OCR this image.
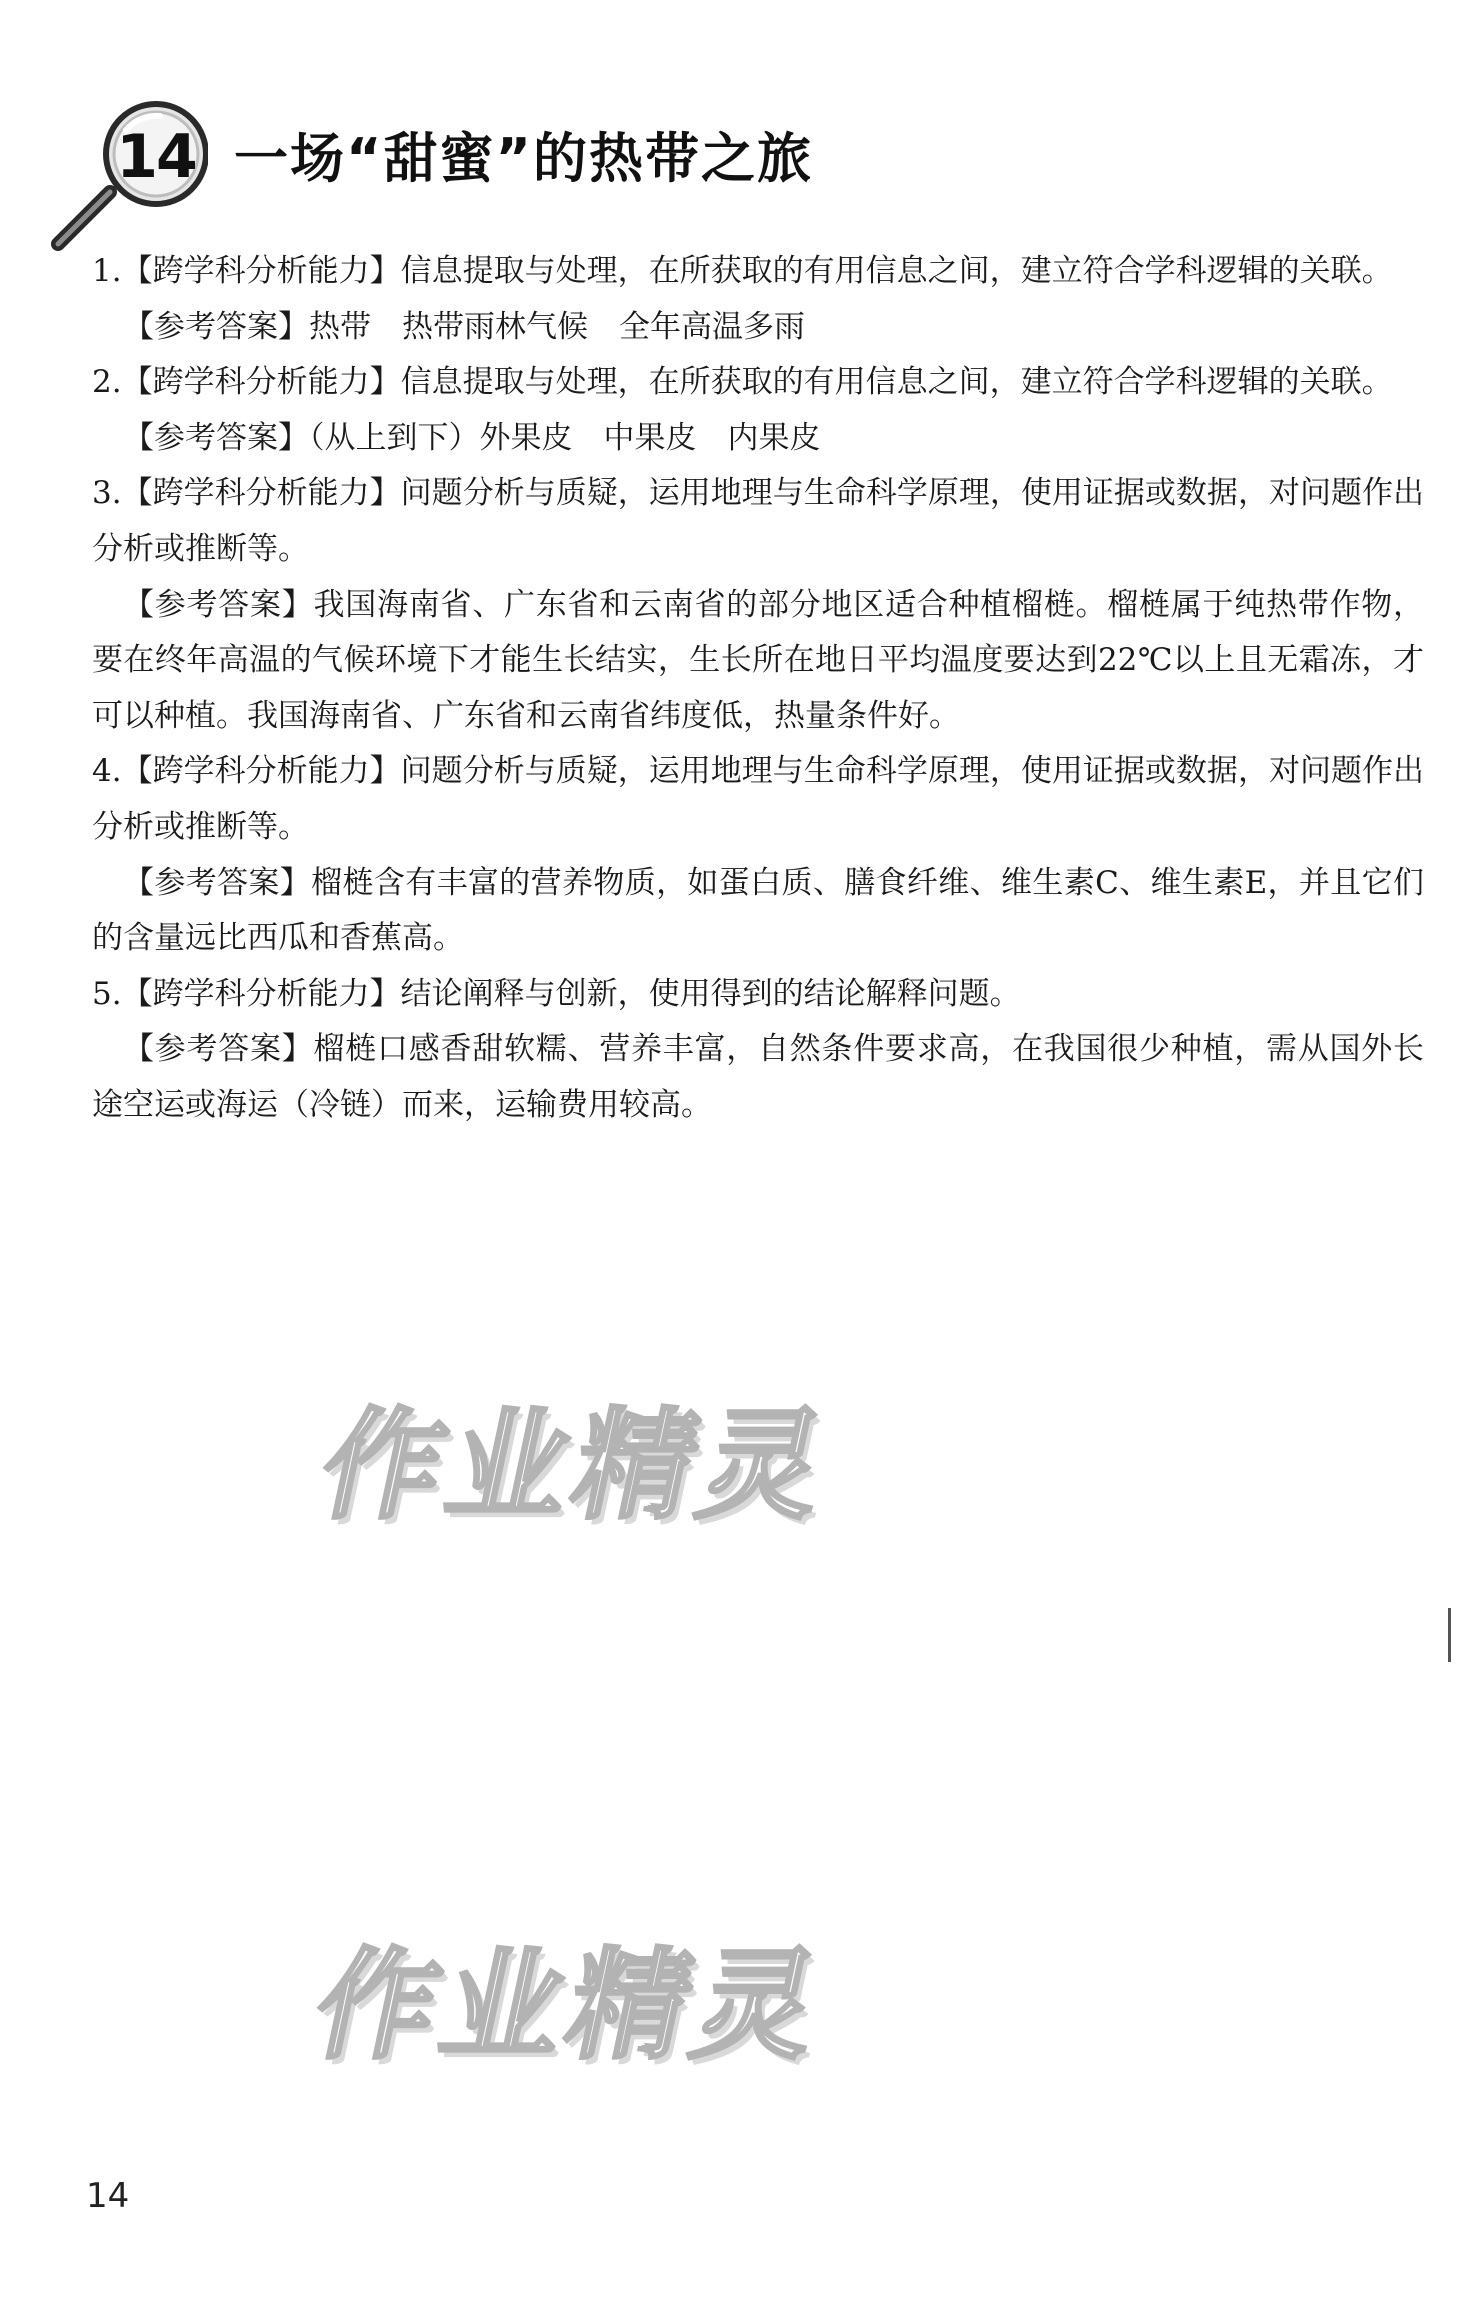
14 一场“甜蜜”的热带之旅

1.【跨学科分析能力】信息提取与处理，在所获取的有用信息之间，建立符合学科逻辑的关联。

【参考答案】热带　热带雨林气候　全年高温多雨

2.【跨学科分析能力】信息提取与处理，在所获取的有用信息之间，建立符合学科逻辑的关联。

【参考答案】（从上到下）外果皮　中果皮　内果皮

3.【跨学科分析能力】问题分析与质疑，运用地理与生命科学原理，使用证据或数据，对问题作出分析或推断等。

【参考答案】我国海南省、广东省和云南省的部分地区适合种植榴梿。榴梿属于纯热带作物，要在终年高温的气候环境下才能生长结实，生长所在地日平均温度要达到22℃以上且无霜冻，才可以种植。我国海南省、广东省和云南省纬度低，热量条件好。

4.【跨学科分析能力】问题分析与质疑，运用地理与生命科学原理，使用证据或数据，对问题作出分析或推断等。

【参考答案】榴梿含有丰富的营养物质，如蛋白质、膳食纤维、维生素C、维生素E，并且它们的含量远比西瓜和香蕉高。

5.【跨学科分析能力】结论阐释与创新，使用得到的结论解释问题。

【参考答案】榴梿口感香甜软糯、营养丰富，自然条件要求高，在我国很少种植，需从国外长途空运或海运（冷链）而来，运输费用较高。

作业精灵
作业精灵
14
